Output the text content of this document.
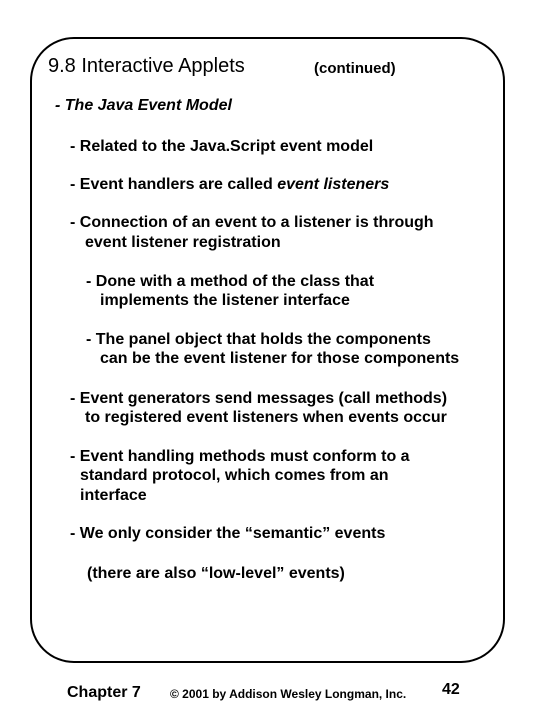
9.8 Interactive Applets	(continued)
- The Java Event Model
- Related to the Java.Script event model
- Event handlers are called event listeners
- Connection of an event to a listener is through
event listener registration
- Done with a method of the class that
implements the listener interface
- The panel object that holds the components
can be the event listener for those components
- Event generators send messages (call methods)
to registered event listeners when events occur
- Event handling methods must conform to a
standard protocol, which comes from an
interface
- We only consider the “semantic” events
(there are also “low-level” events)
Chapter 7 © 2001 by Addison Wesley Longman, Inc. 42
